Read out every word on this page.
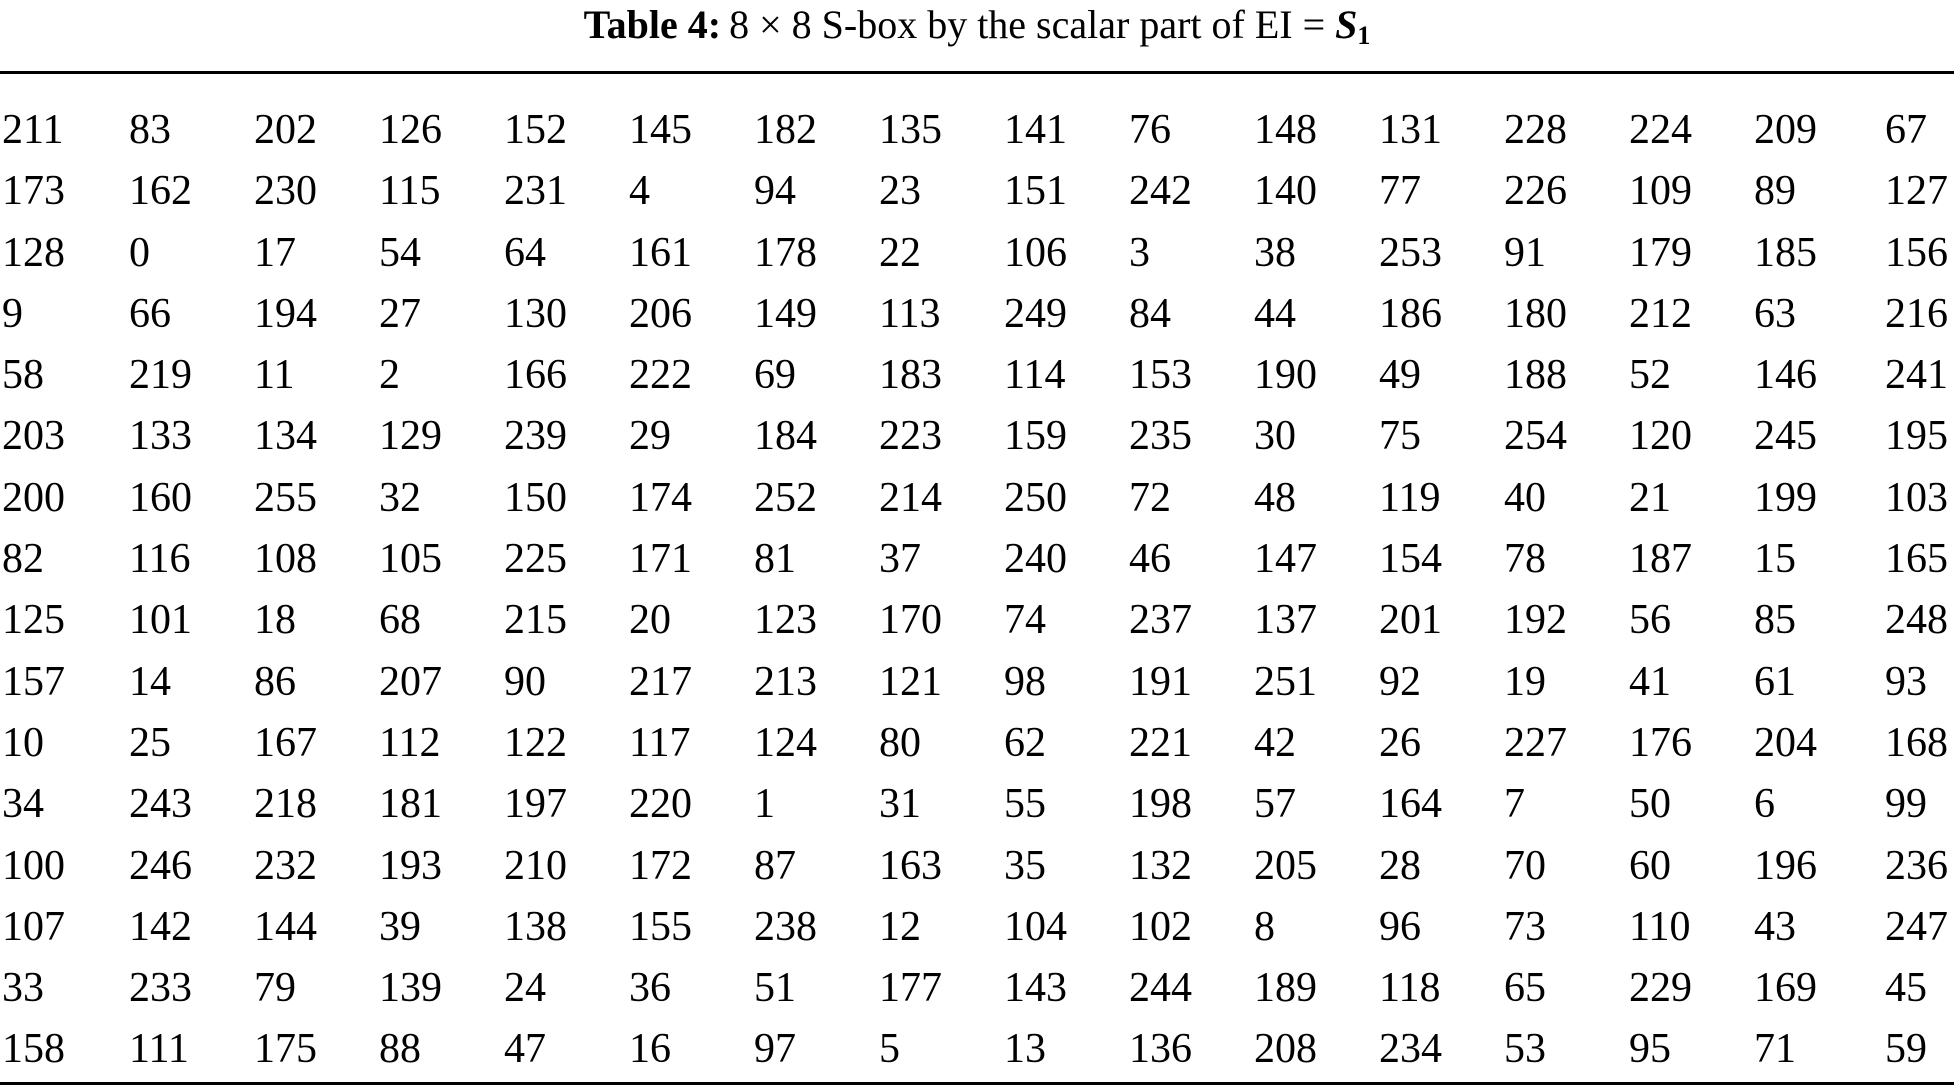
Table 4: 8 × 8 S-box by the scalar part of EI = S1
211	83	202	126	152	145	182	135	141	76	148	131	228	224	209	67
173	162	230	115	231	4	94	23	151	242	140	77	226	109	89	127
128	0	17	54	64	161	178	22	106	3	38	253	91	179	185	156
9	66	194	27	130	206	149	113	249	84	44	186	180	212	63	216
58	219	11	2	166	222	69	183	114	153	190	49	188	52	146	241
203	133	134	129	239	29	184	223	159	235	30	75	254	120	245	195
200	160	255	32	150	174	252	214	250	72	48	119	40	21	199	103
82	116	108	105	225	171	81	37	240	46	147	154	78	187	15	165
125	101	18	68	215	20	123	170	74	237	137	201	192	56	85	248
157	14	86	207	90	217	213	121	98	191	251	92	19	41	61	93
10	25	167	112	122	117	124	80	62	221	42	26	227	176	204	168
34	243	218	181	197	220	1	31	55	198	57	164	7	50	6	99
100	246	232	193	210	172	87	163	35	132	205	28	70	60	196	236
107	142	144	39	138	155	238	12	104	102	8	96	73	110	43	247
33	233	79	139	24	36	51	177	143	244	189	118	65	229	169	45
158	111	175	88	47	16	97	5	13	136	208	234	53	95	71	59
